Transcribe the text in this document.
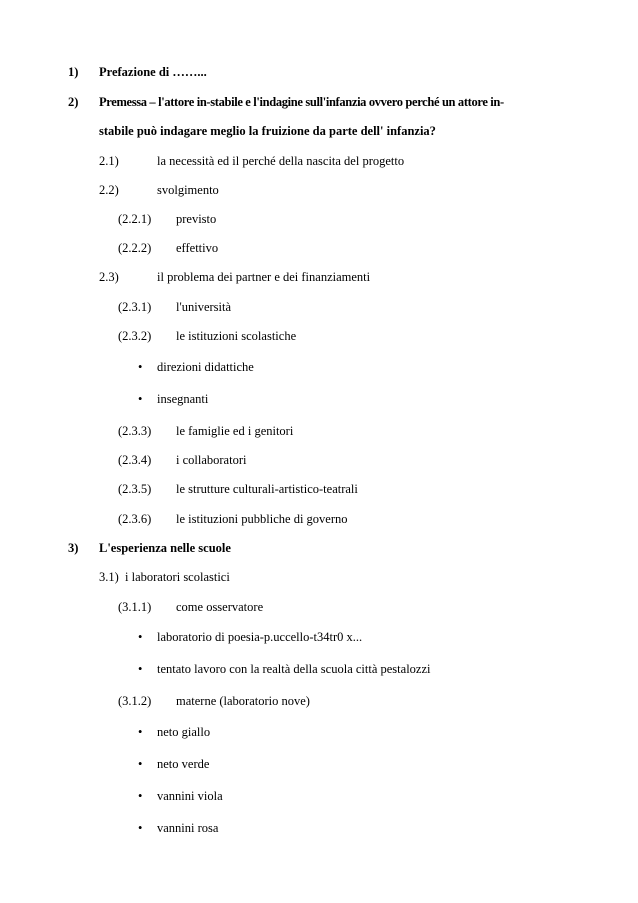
1) Prefazione di ……...
2) Premessa – l'attore in-stabile e l'indagine sull'infanzia ovvero perché un attore in-
stabile può indagare meglio la fruizione da parte dell' infanzia?
2.1)	la necessità ed il perché della nascita del progetto
2.2)	svolgimento
(2.2.1) previsto
(2.2.2) effettivo
2.3)	il problema dei partner e dei finanziamenti
(2.3.1) l'università
(2.3.2) le istituzioni scolastiche
• direzioni didattiche
• insegnanti
(2.3.3) le famiglie ed i genitori
(2.3.4) i collaboratori
(2.3.5) le strutture culturali-artistico-teatrali
(2.3.6) le istituzioni pubbliche di governo
3) L'esperienza nelle scuole
3.1) i laboratori scolastici
(3.1.1) come osservatore
• laboratorio di poesia-p.uccello-t34tr0 x...
• tentato lavoro con la realtà della scuola città pestalozzi
(3.1.2) materne (laboratorio nove)
• neto giallo
• neto verde
• vannini viola
• vannini rosa
